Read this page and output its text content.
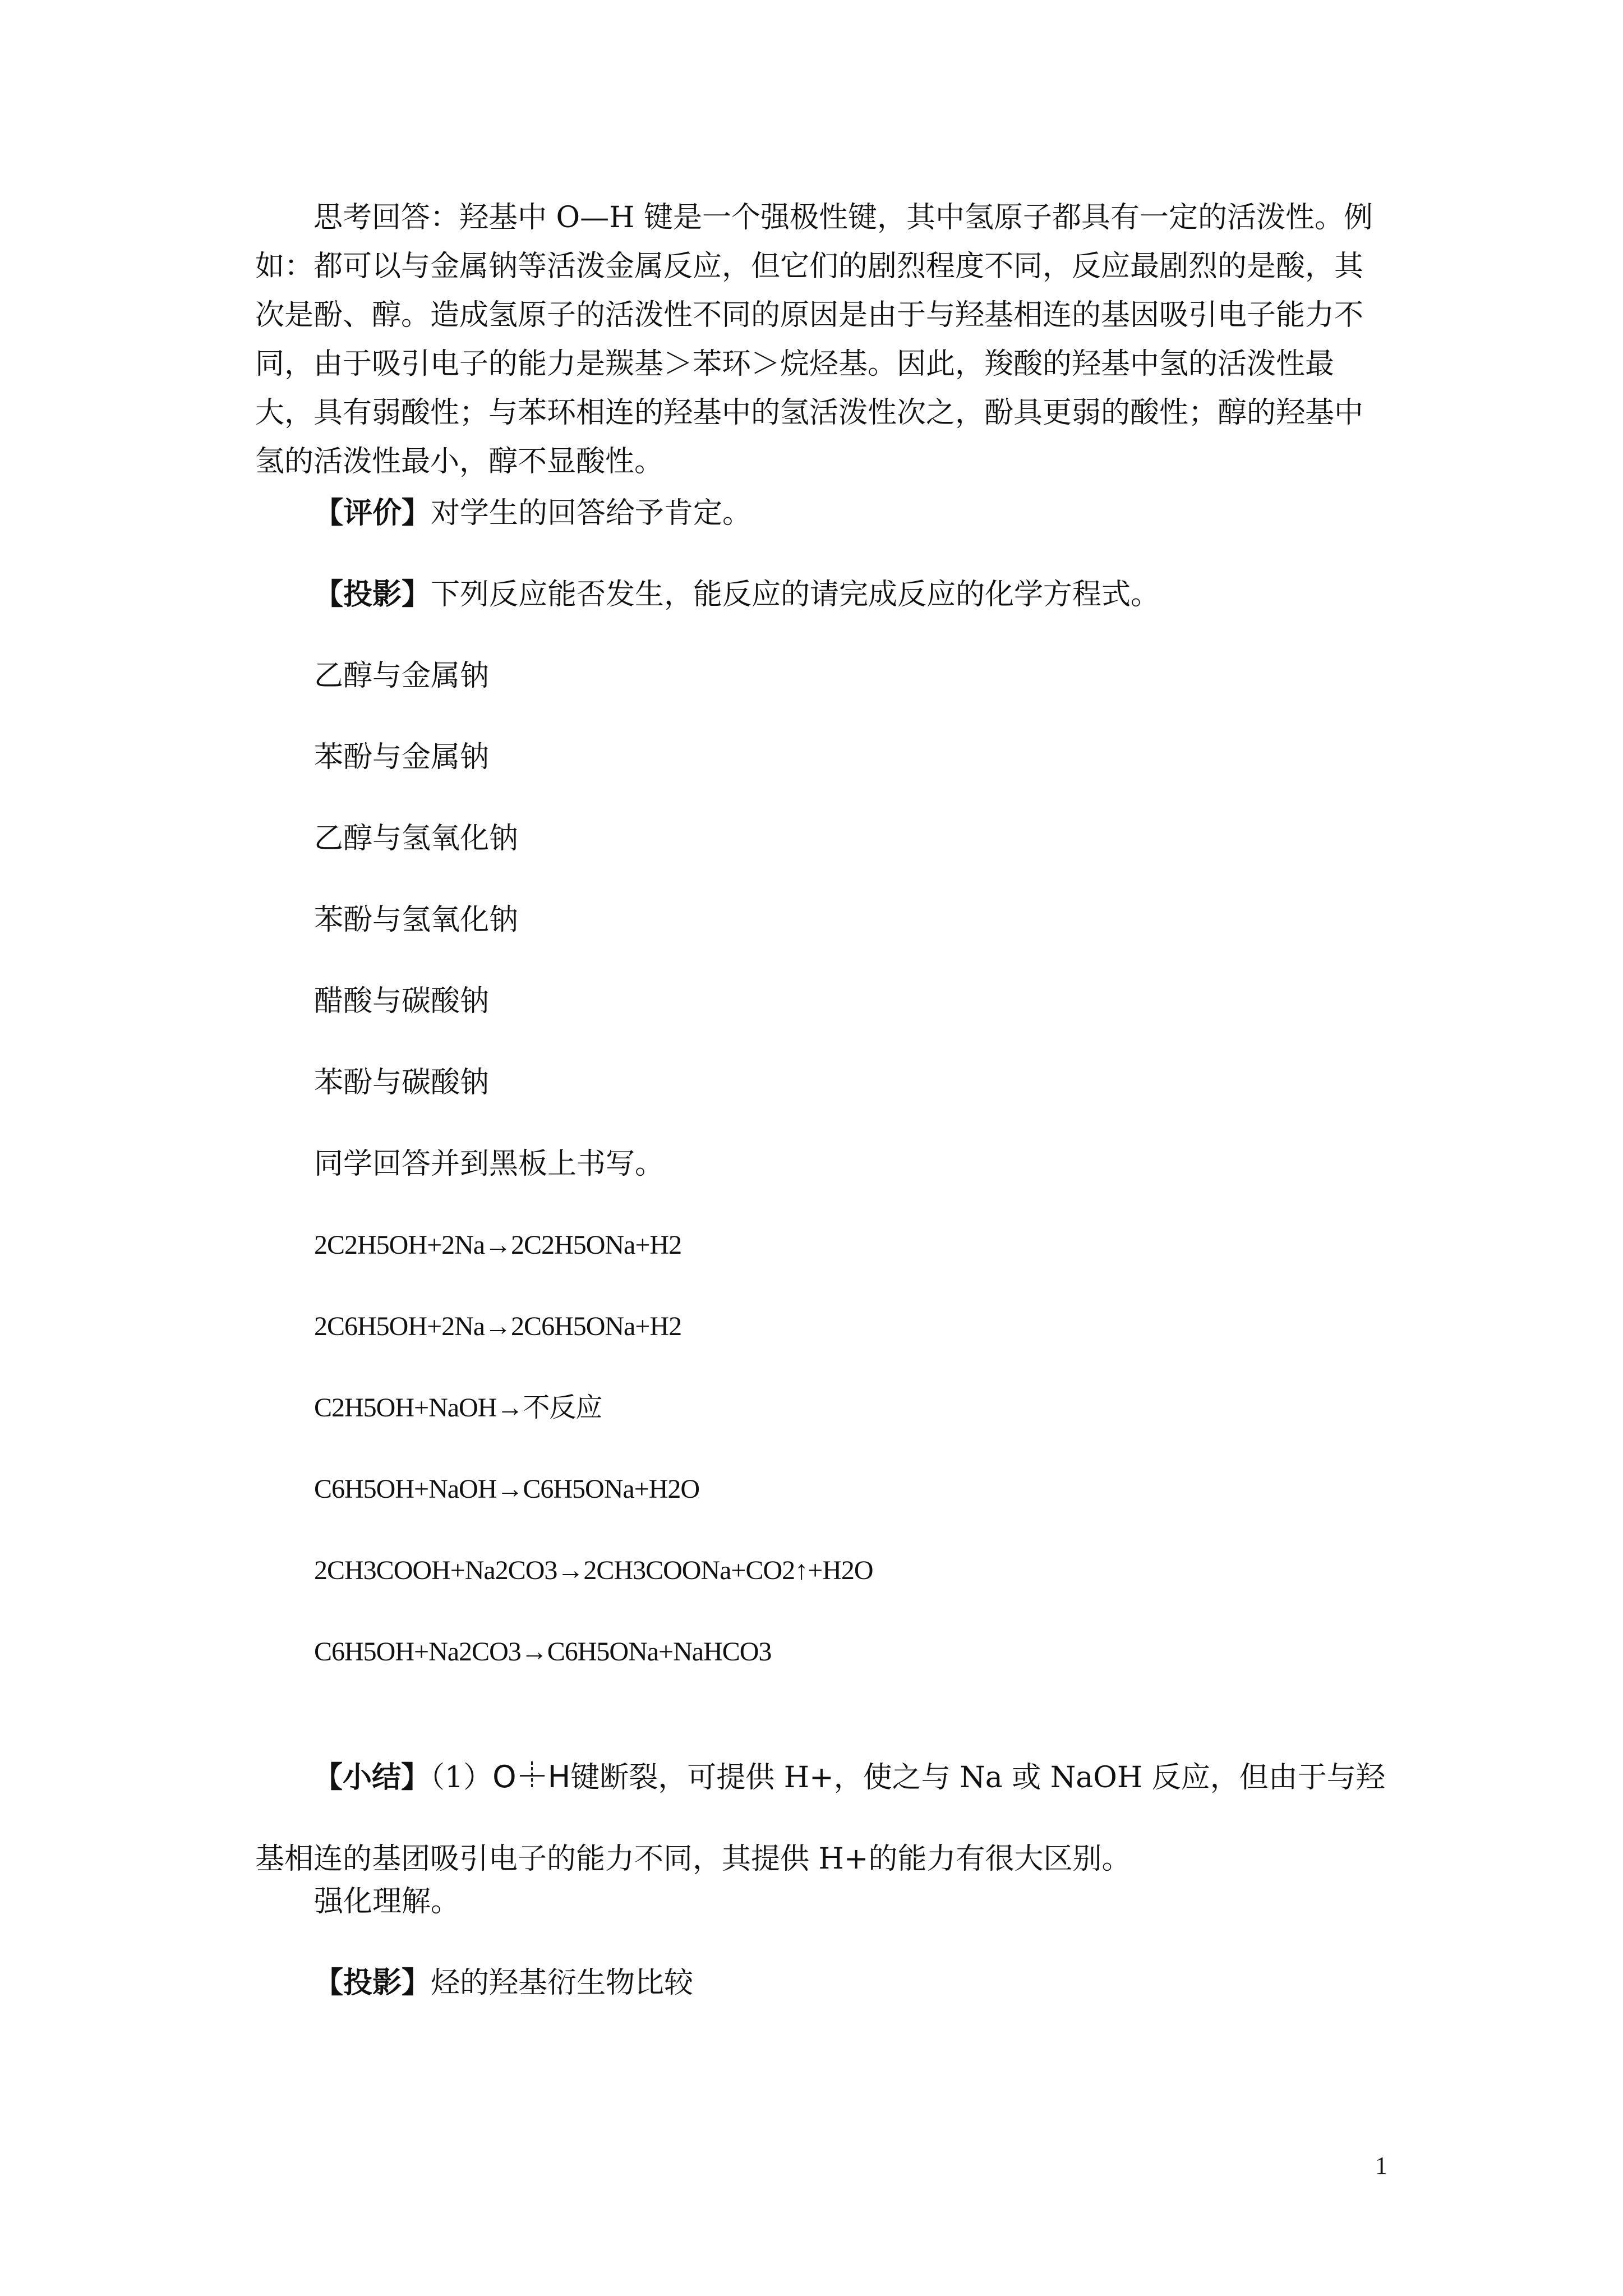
思考回答：羟基中 O—H 键是一个强极性键，其中氢原子都具有一定的活泼性。例如：都可以与金属钠等活泼金属反应，但它们的剧烈程度不同，反应最剧烈的是酸，其次是酚、醇。造成氢原子的活泼性不同的原因是由于与羟基相连的基因吸引电子能力不同，由于吸引电子的能力是羰基＞苯环＞烷烃基。因此，羧酸的羟基中氢的活泼性最大，具有弱酸性；与苯环相连的羟基中的氢活泼性次之，酚具更弱的酸性；醇的羟基中氢的活泼性最小，醇不显酸性。

【评价】对学生的回答给予肯定。

【投影】下列反应能否发生，能反应的请完成反应的化学方程式。

乙醇与金属钠

苯酚与金属钠

乙醇与氢氧化钠

苯酚与氢氧化钠

醋酸与碳酸钠

苯酚与碳酸钠

同学回答并到黑板上书写。

2C2H5OH+2Na→2C2H5ONa+H2

2C6H5OH+2Na→2C6H5ONa+H2

C2H5OH+NaOH→不反应

C6H5OH+NaOH→C6H5ONa+H2O

2CH3COOH+Na2CO3→2CH3COONa+CO2↑+H2O

C6H5OH+Na2CO3→C6H5ONa+NaHCO3

【小结】（1）O H键断裂，可提供 H+，使之与 Na 或 NaOH 反应，但由于与羟基相连的基团吸引电子的能力不同，其提供 H+的能力有很大区别。

强化理解。

【投影】烃的羟基衍生物比较

1
